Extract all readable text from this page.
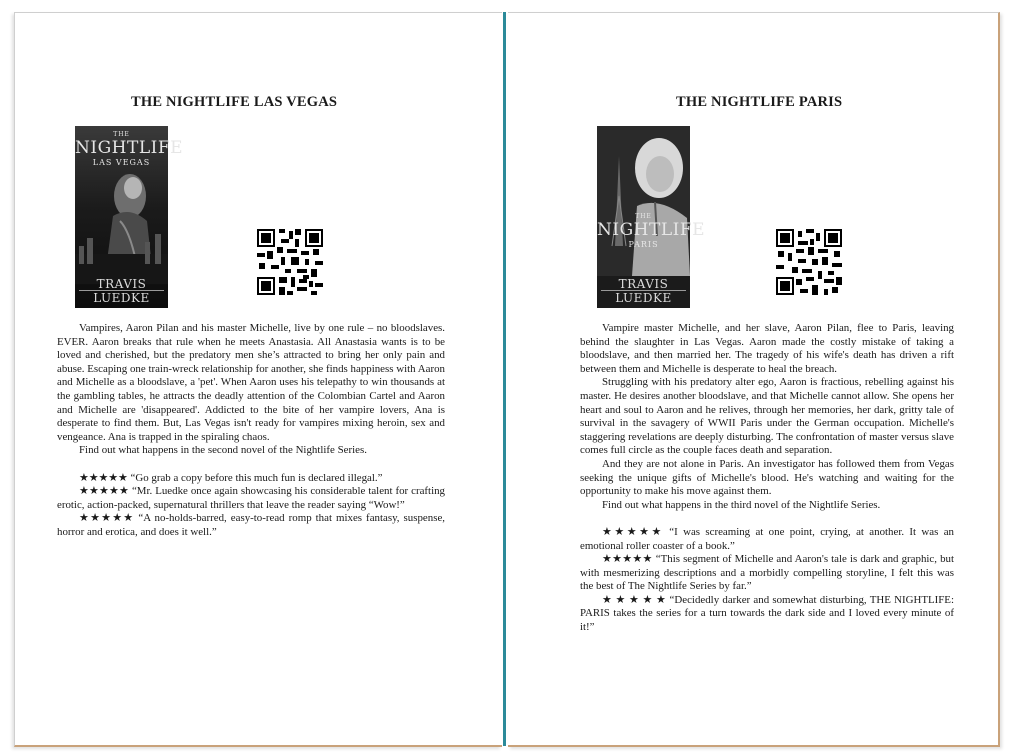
THE NIGHTLIFE LAS VEGAS
THE
NIGHTLIFE
LAS VEGAS
TRAVIS LUEDKE

Vampires, Aaron Pilan and his master Michelle, live by one rule – no bloodslaves. EVER. Aaron breaks that rule when he meets Anastasia. All Anastasia wants is to be loved and cherished, but the predatory men she’s attracted to bring her only pain and abuse. Escaping one train-wreck relationship for another, she finds happiness with Aaron and Michelle as a bloodslave, a 'pet'. When Aaron uses his telepathy to win thousands at the gambling tables, he attracts the deadly attention of the Colombian Cartel and Aaron and Michelle are 'disappeared'. Addicted to the bite of her vampire lovers, Ana is desperate to find them. But, Las Vegas isn't ready for vampires mixing heroin, sex and vengeance. Ana is trapped in the spiraling chaos.

Find out what happens in the second novel of the Nightlife Series.

★★★★★ “Go grab a copy before this much fun is declared illegal.”

★★★★★ “Mr. Luedke once again showcasing his considerable talent for crafting erotic, action-packed, supernatural thrillers that leave the reader saying “Wow!”

★★★★★ “A no-holds-barred, easy-to-read romp that mixes fantasy, suspense, horror and erotica, and does it well.”

THE NIGHTLIFE PARIS
THE
NIGHTLIFE
PARIS
TRAVIS LUEDKE

Vampire master Michelle, and her slave, Aaron Pilan, flee to Paris, leaving behind the slaughter in Las Vegas. Aaron made the costly mistake of taking a bloodslave, and then married her. The tragedy of his wife's death has driven a rift between them and Michelle is desperate to heal the breach.

Struggling with his predatory alter ego, Aaron is fractious, rebelling against his master. He desires another bloodslave, and that Michelle cannot allow. She opens her heart and soul to Aaron and he relives, through her memories, her dark, gritty tale of survival in the savagery of WWII Paris under the German occupation. Michelle's staggering revelations are deeply disturbing. The confrontation of master versus slave comes full circle as the couple faces death and separation.

And they are not alone in Paris. An investigator has followed them from Vegas seeking the unique gifts of Michelle's blood. He's watching and waiting for the opportunity to make his move against them.

Find out what happens in the third novel of the Nightlife Series.

★★★★★ “I was screaming at one point, crying, at another. It was an emotional roller coaster of a book.”

★★★★★ “This segment of Michelle and Aaron's tale is dark and graphic, but with mesmerizing descriptions and a morbidly compelling storyline, I felt this was the best of The Nightlife Series by far.”

★ ★ ★ ★ ★ “Decidedly darker and somewhat disturbing, THE NIGHTLIFE: PARIS takes the series for a turn towards the dark side and I loved every minute of it!”
